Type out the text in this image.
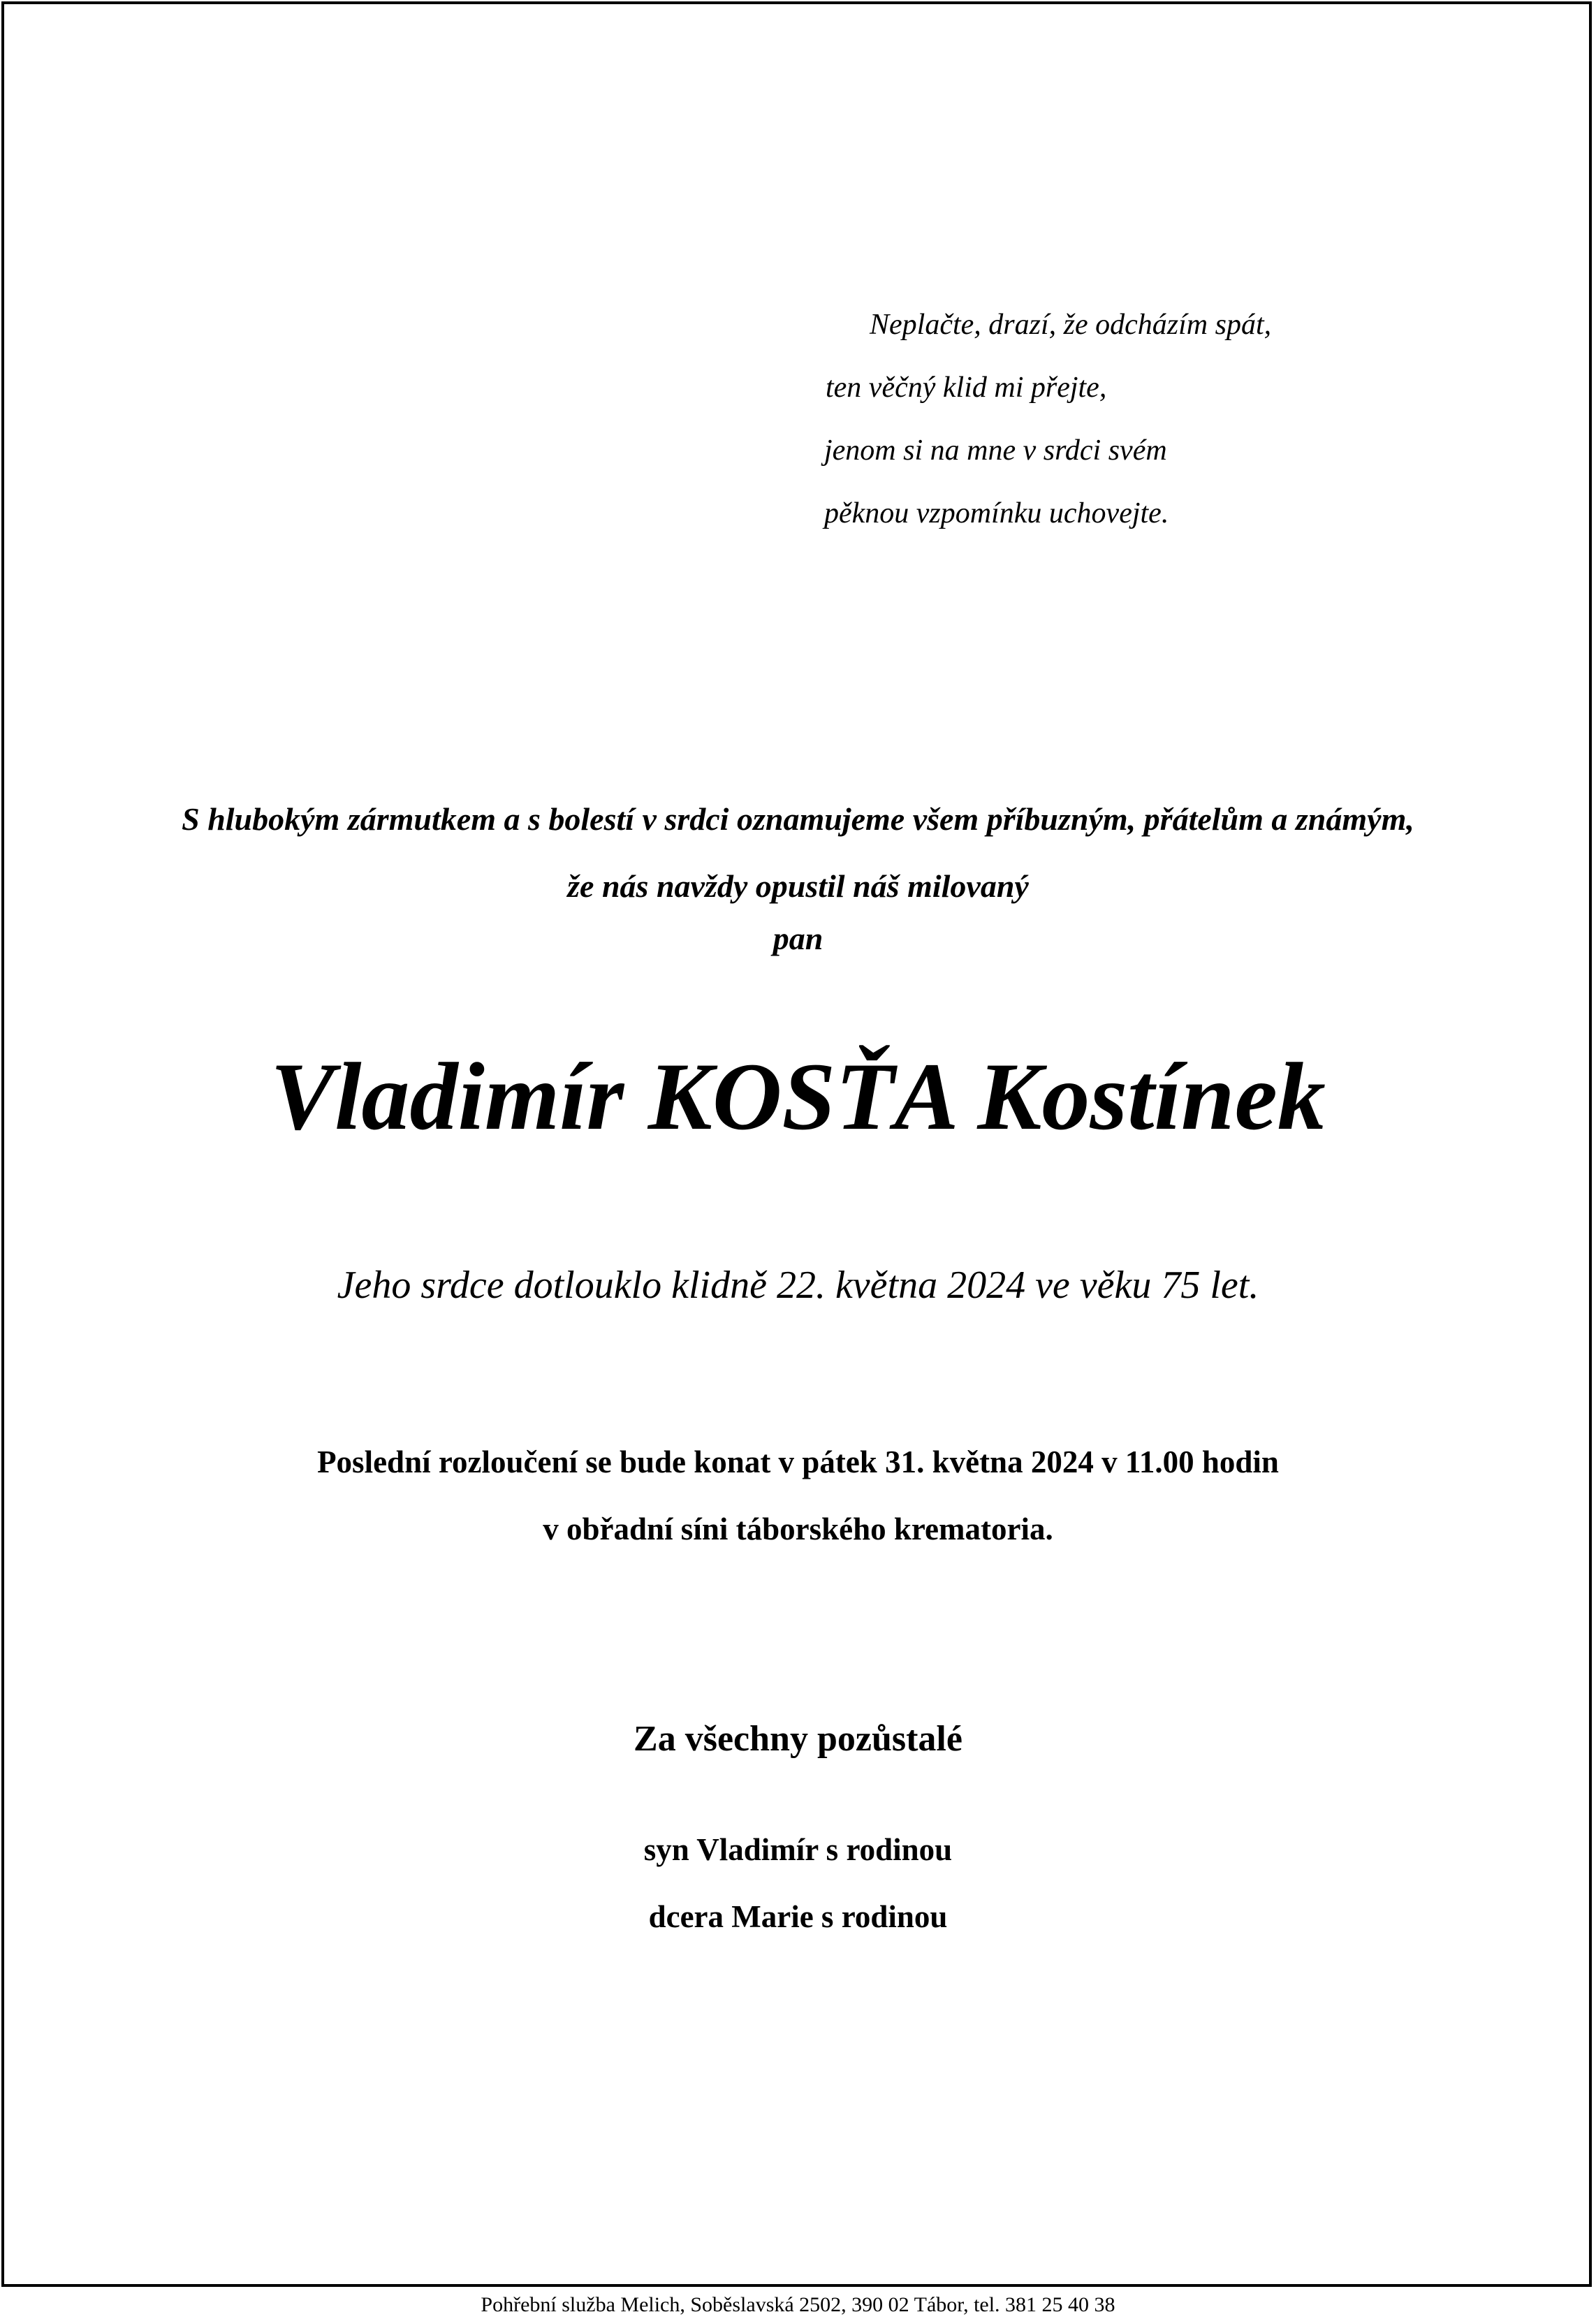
Neplačte, drazí, že odcházím spát,
ten věčný klid mi přejte,
jenom si na mne v srdci svém
pěknou vzpomínku uchovejte.
S hlubokým zármutkem a s bolestí v srdci oznamujeme všem příbuzným, přátelům a známým,
že nás navždy opustil náš milovaný
pan
Vladimír KOSŤA Kostínek
Jeho srdce dotlouklo klidně 22. května 2024 ve věku 75 let.
Poslední rozloučení se bude konat v pátek 31. května 2024 v 11.00 hodin
v obřadní síni táborského krematoria.
Za všechny pozůstalé
syn Vladimír s rodinou
dcera Marie s rodinou
Pohřební služba Melich, Soběslavská 2502, 390 02 Tábor, tel. 381 25 40 38
